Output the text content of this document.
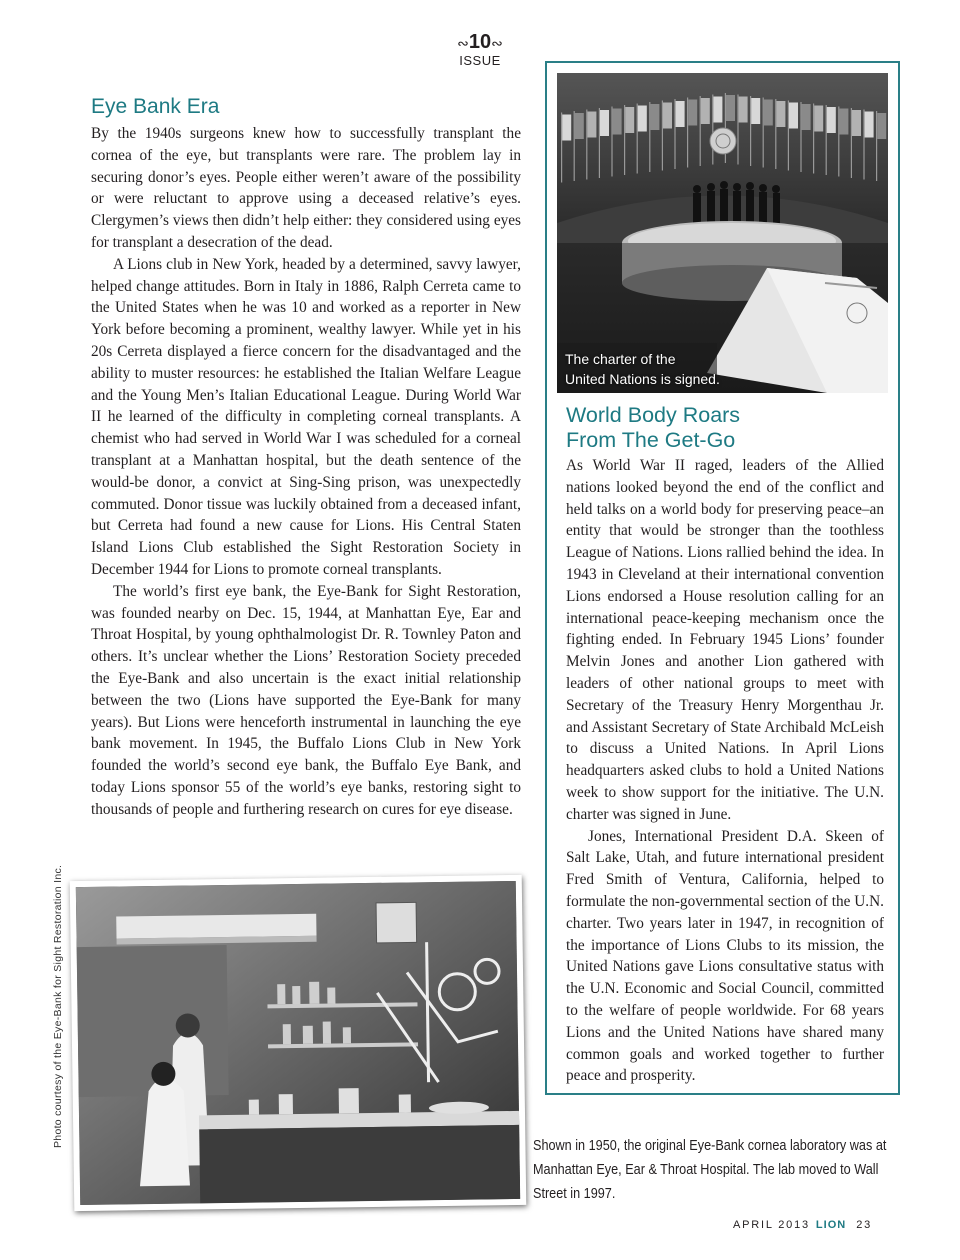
∾10∾
ISSUE
Eye Bank Era

By the 1940s surgeons knew how to successfully transplant the cornea of the eye, but transplants were rare. The problem lay in securing donor’s eyes. People either weren’t aware of the possibility or were reluctant to approve using a deceased relative’s eyes. Clergymen’s views then didn’t help either: they considered using eyes for transplant a desecration of the dead.

A Lions club in New York, headed by a determined, savvy lawyer, helped change attitudes. Born in Italy in 1886, Ralph Cerreta came to the United States when he was 10 and worked as a reporter in New York before becoming a prominent, wealthy lawyer. While yet in his 20s Cerreta displayed a fierce concern for the disadvantaged and the ability to muster resources: he established the Italian Welfare League and the Young Men’s Italian Educational League. During World War II he learned of the difficulty in completing corneal transplants. A chemist who had served in World War I was scheduled for a corneal transplant at a Manhattan hospital, but the death sentence of the would-be donor, a convict at Sing-Sing prison, was unexpectedly commuted. Donor tissue was luckily obtained from a deceased infant, but Cerreta had found a new cause for Lions. His Central Staten Island Lions Club established the Sight Restoration Society in December 1944 for Lions to promote corneal transplants.

The world’s first eye bank, the Eye-Bank for Sight Restoration, was founded nearby on Dec. 15, 1944, at Manhattan Eye, Ear and Throat Hospital, by young ophthalmologist Dr. R. Townley Paton and others. It’s unclear whether the Lions’ Restoration Society preceded the Eye-Bank and also uncertain is the exact initial relationship between the two (Lions have supported the Eye-Bank for many years). But Lions were henceforth instrumental in launching the eye bank movement. In 1945, the Buffalo Lions Club in New York founded the world’s second eye bank, the Buffalo Eye Bank, and today Lions sponsor 55 of the world’s eye banks, restoring sight to thousands of people and furthering research on cures for eye disease.

The charter of the
United Nations is signed.
World Body Roars
From The Get-Go

As World War II raged, leaders of the Allied nations looked beyond the end of the conflict and held talks on a world body for preserving peace–an entity that would be stronger than the toothless League of Nations. Lions rallied behind the idea. In 1943 in Cleveland at their international convention Lions endorsed a House resolution calling for an international peace-keeping mechanism once the fighting ended. In February 1945 Lions’ founder Melvin Jones and another Lion gathered with leaders of other national groups to meet with Secretary of the Treasury Henry Morgenthau Jr. and Assistant Secretary of State Archibald McLeish to discuss a United Nations. In April Lions headquarters asked clubs to hold a United Nations week to show support for the initiative. The U.N. charter was signed in June.

Jones, International President D.A. Skeen of Salt Lake, Utah, and future international president Fred Smith of Ventura, California, helped to formulate the non-governmental section of the U.N. charter. Two years later in 1947, in recognition of the importance of Lions Clubs to its mission, the United Nations gave Lions consultative status with the U.N. Economic and Social Council, committed to the welfare of people worldwide. For 68 years Lions and the United Nations have shared many common goals and worked together to further peace and prosperity.

Photo courtesy of the Eye-Bank for Sight Restoration Inc.	Shown in 1950, the original Eye-Bank cornea laboratory was at Manhattan Eye, Ear & Throat Hospital. The lab moved to Wall Street in 1997.
APRIL 2013 LION 23
